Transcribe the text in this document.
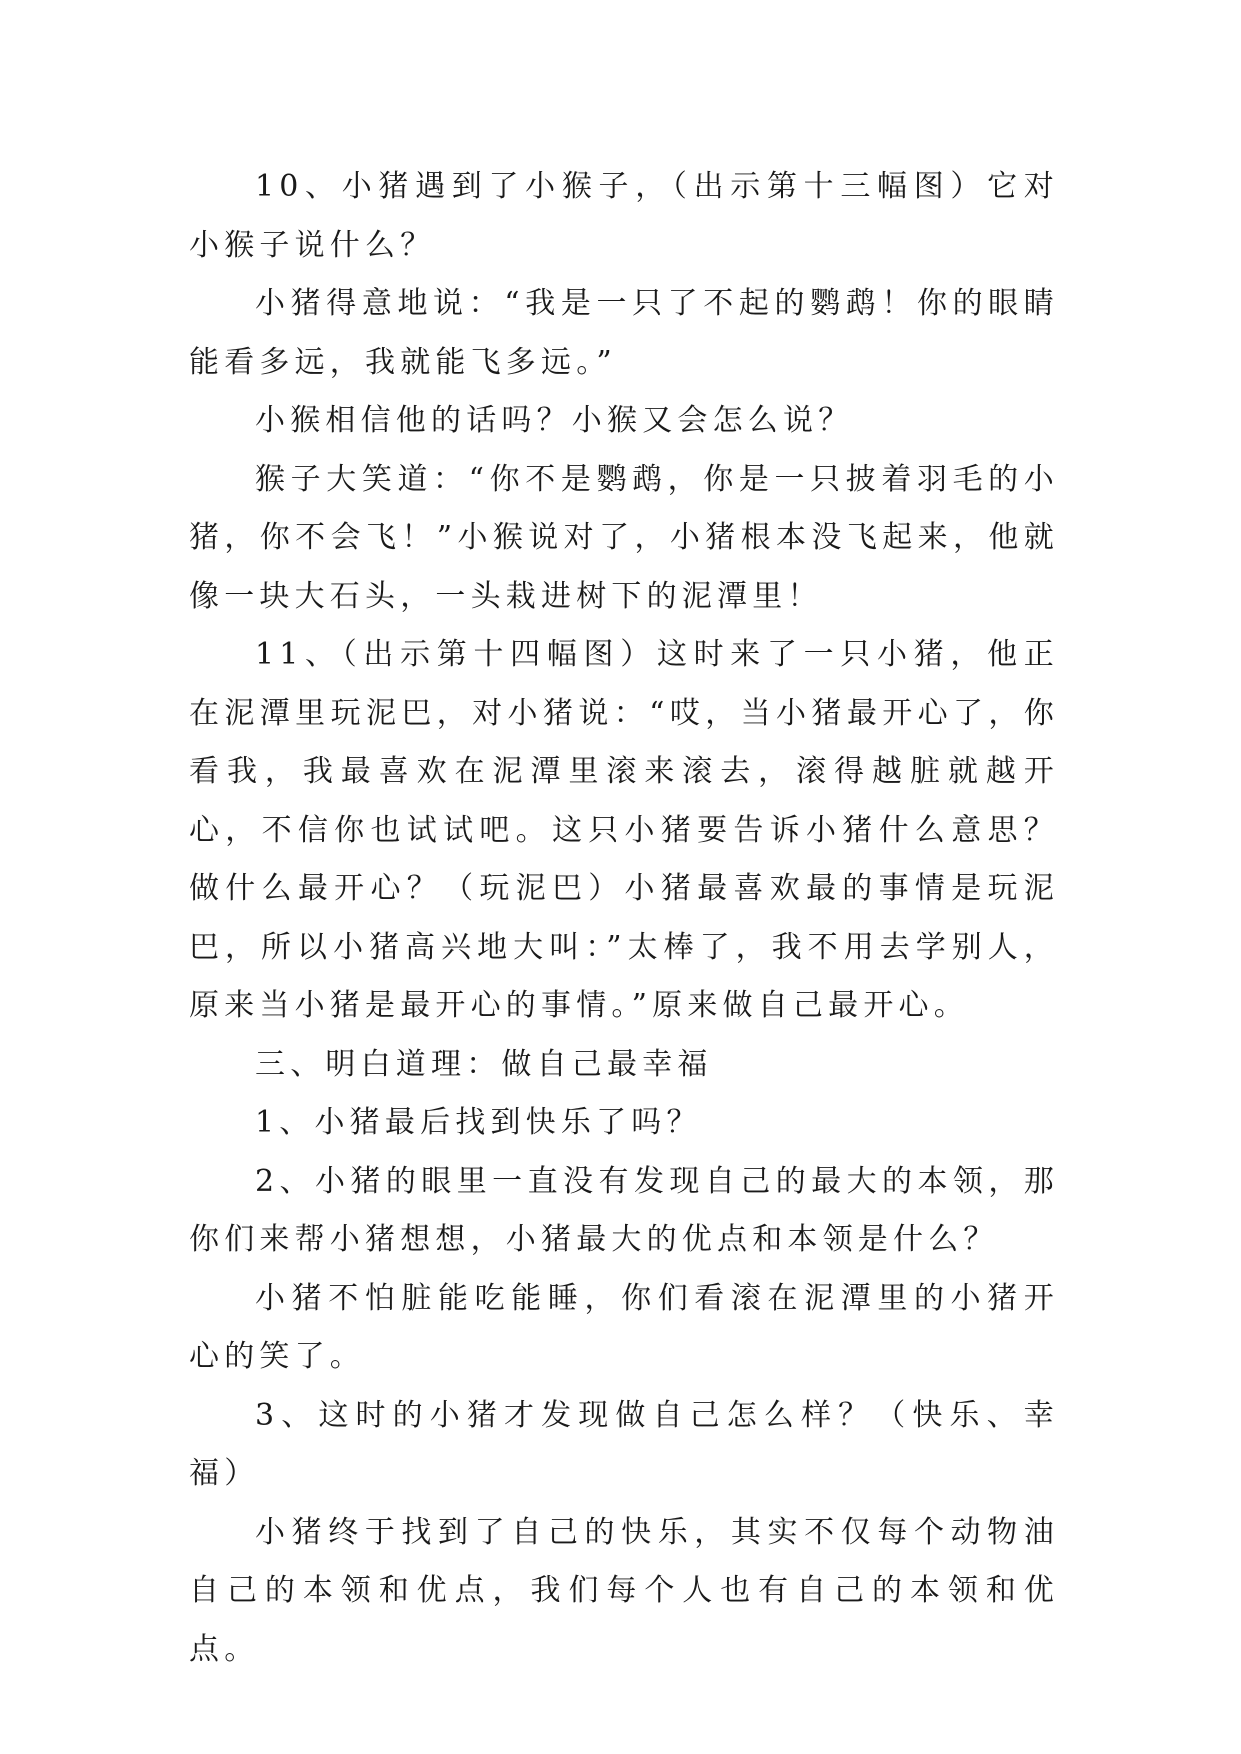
10、小猪遇到了小猴子，（出示第十三幅图）它对小猴子说什么？

小猪得意地说：“我是一只了不起的鹦鹉！你的眼睛能看多远，我就能飞多远。”

小猴相信他的话吗？小猴又会怎么说？

猴子大笑道：“你不是鹦鹉，你是一只披着羽毛的小猪，你不会飞！”小猴说对了，小猪根本没飞起来，他就像一块大石头，一头栽进树下的泥潭里！

11、（出示第十四幅图）这时来了一只小猪，他正在泥潭里玩泥巴，对小猪说：“哎，当小猪最开心了，你看我，我最喜欢在泥潭里滚来滚去，滚得越脏就越开心，不信你也试试吧。这只小猪要告诉小猪什么意思？做什么最开心？（玩泥巴）小猪最喜欢最的事情是玩泥巴，所以小猪高兴地大叫：”太棒了，我不用去学别人，原来当小猪是最开心的事情。”原来做自己最开心。

三、明白道理：做自己最幸福

1、小猪最后找到快乐了吗？

2、小猪的眼里一直没有发现自己的最大的本领，那你们来帮小猪想想，小猪最大的优点和本领是什么？

小猪不怕脏能吃能睡，你们看滚在泥潭里的小猪开心的笑了。

3、这时的小猪才发现做自己怎么样？（快乐、幸福）

小猪终于找到了自己的快乐，其实不仅每个动物油自己的本领和优点，我们每个人也有自己的本领和优点。
